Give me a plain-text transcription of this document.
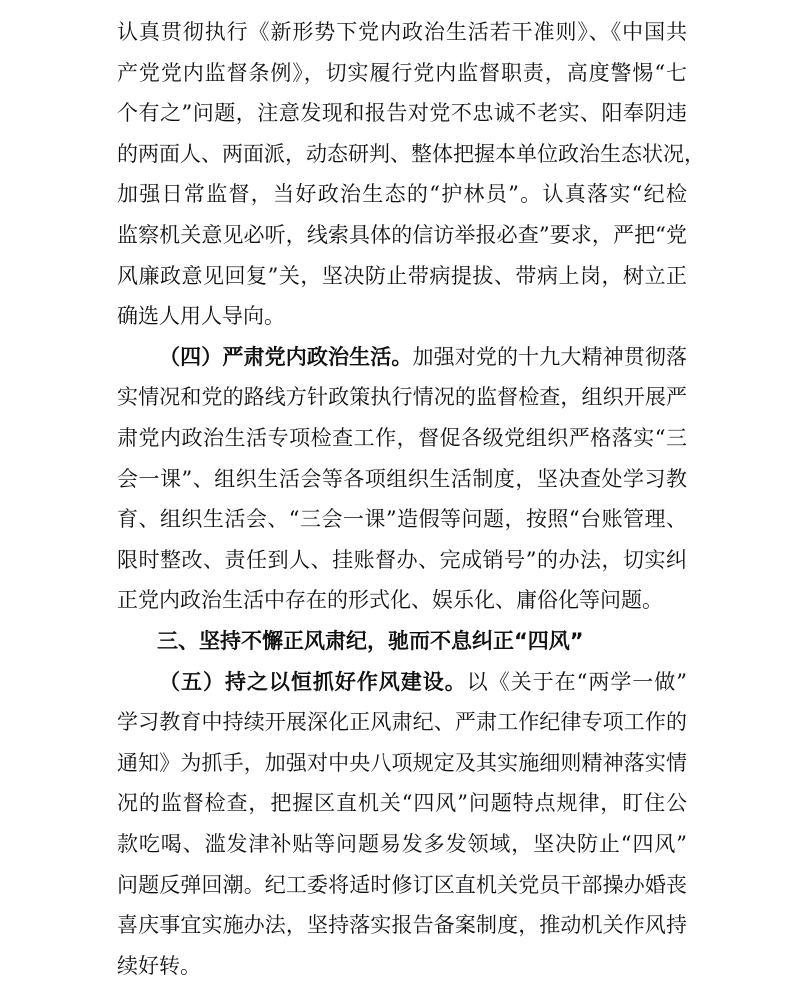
认真贯彻执行《新形势下党内政治生活若干准则》、《中国共
产党党内监督条例》，切实履行党内监督职责，高度警惕“七
个有之”问题，注意发现和报告对党不忠诚不老实、阳奉阴违
的两面人、两面派，动态研判、整体把握本单位政治生态状况，
加强日常监督，当好政治生态的“护林员”。认真落实“纪检
监察机关意见必听，线索具体的信访举报必查”要求，严把“党
风廉政意见回复”关，坚决防止带病提拔、带病上岗，树立正
确选人用人导向。
（四）严肃党内政治生活。加强对党的十九大精神贯彻落
实情况和党的路线方针政策执行情况的监督检查，组织开展严
肃党内政治生活专项检查工作，督促各级党组织严格落实“三
会一课”、组织生活会等各项组织生活制度，坚决查处学习教
育、组织生活会、“三会一课”造假等问题，按照“台账管理、
限时整改、责任到人、挂账督办、完成销号”的办法，切实纠
正党内政治生活中存在的形式化、娱乐化、庸俗化等问题。
三、坚持不懈正风肃纪，驰而不息纠正“四风”
（五）持之以恒抓好作风建设。以《关于在“两学一做”
学习教育中持续开展深化正风肃纪、严肃工作纪律专项工作的
通知》为抓手，加强对中央八项规定及其实施细则精神落实情
况的监督检查，把握区直机关“四风”问题特点规律，盯住公
款吃喝、滥发津补贴等问题易发多发领域，坚决防止“四风”
问题反弹回潮。纪工委将适时修订区直机关党员干部操办婚丧
喜庆事宜实施办法，坚持落实报告备案制度，推动机关作风持
续好转。
